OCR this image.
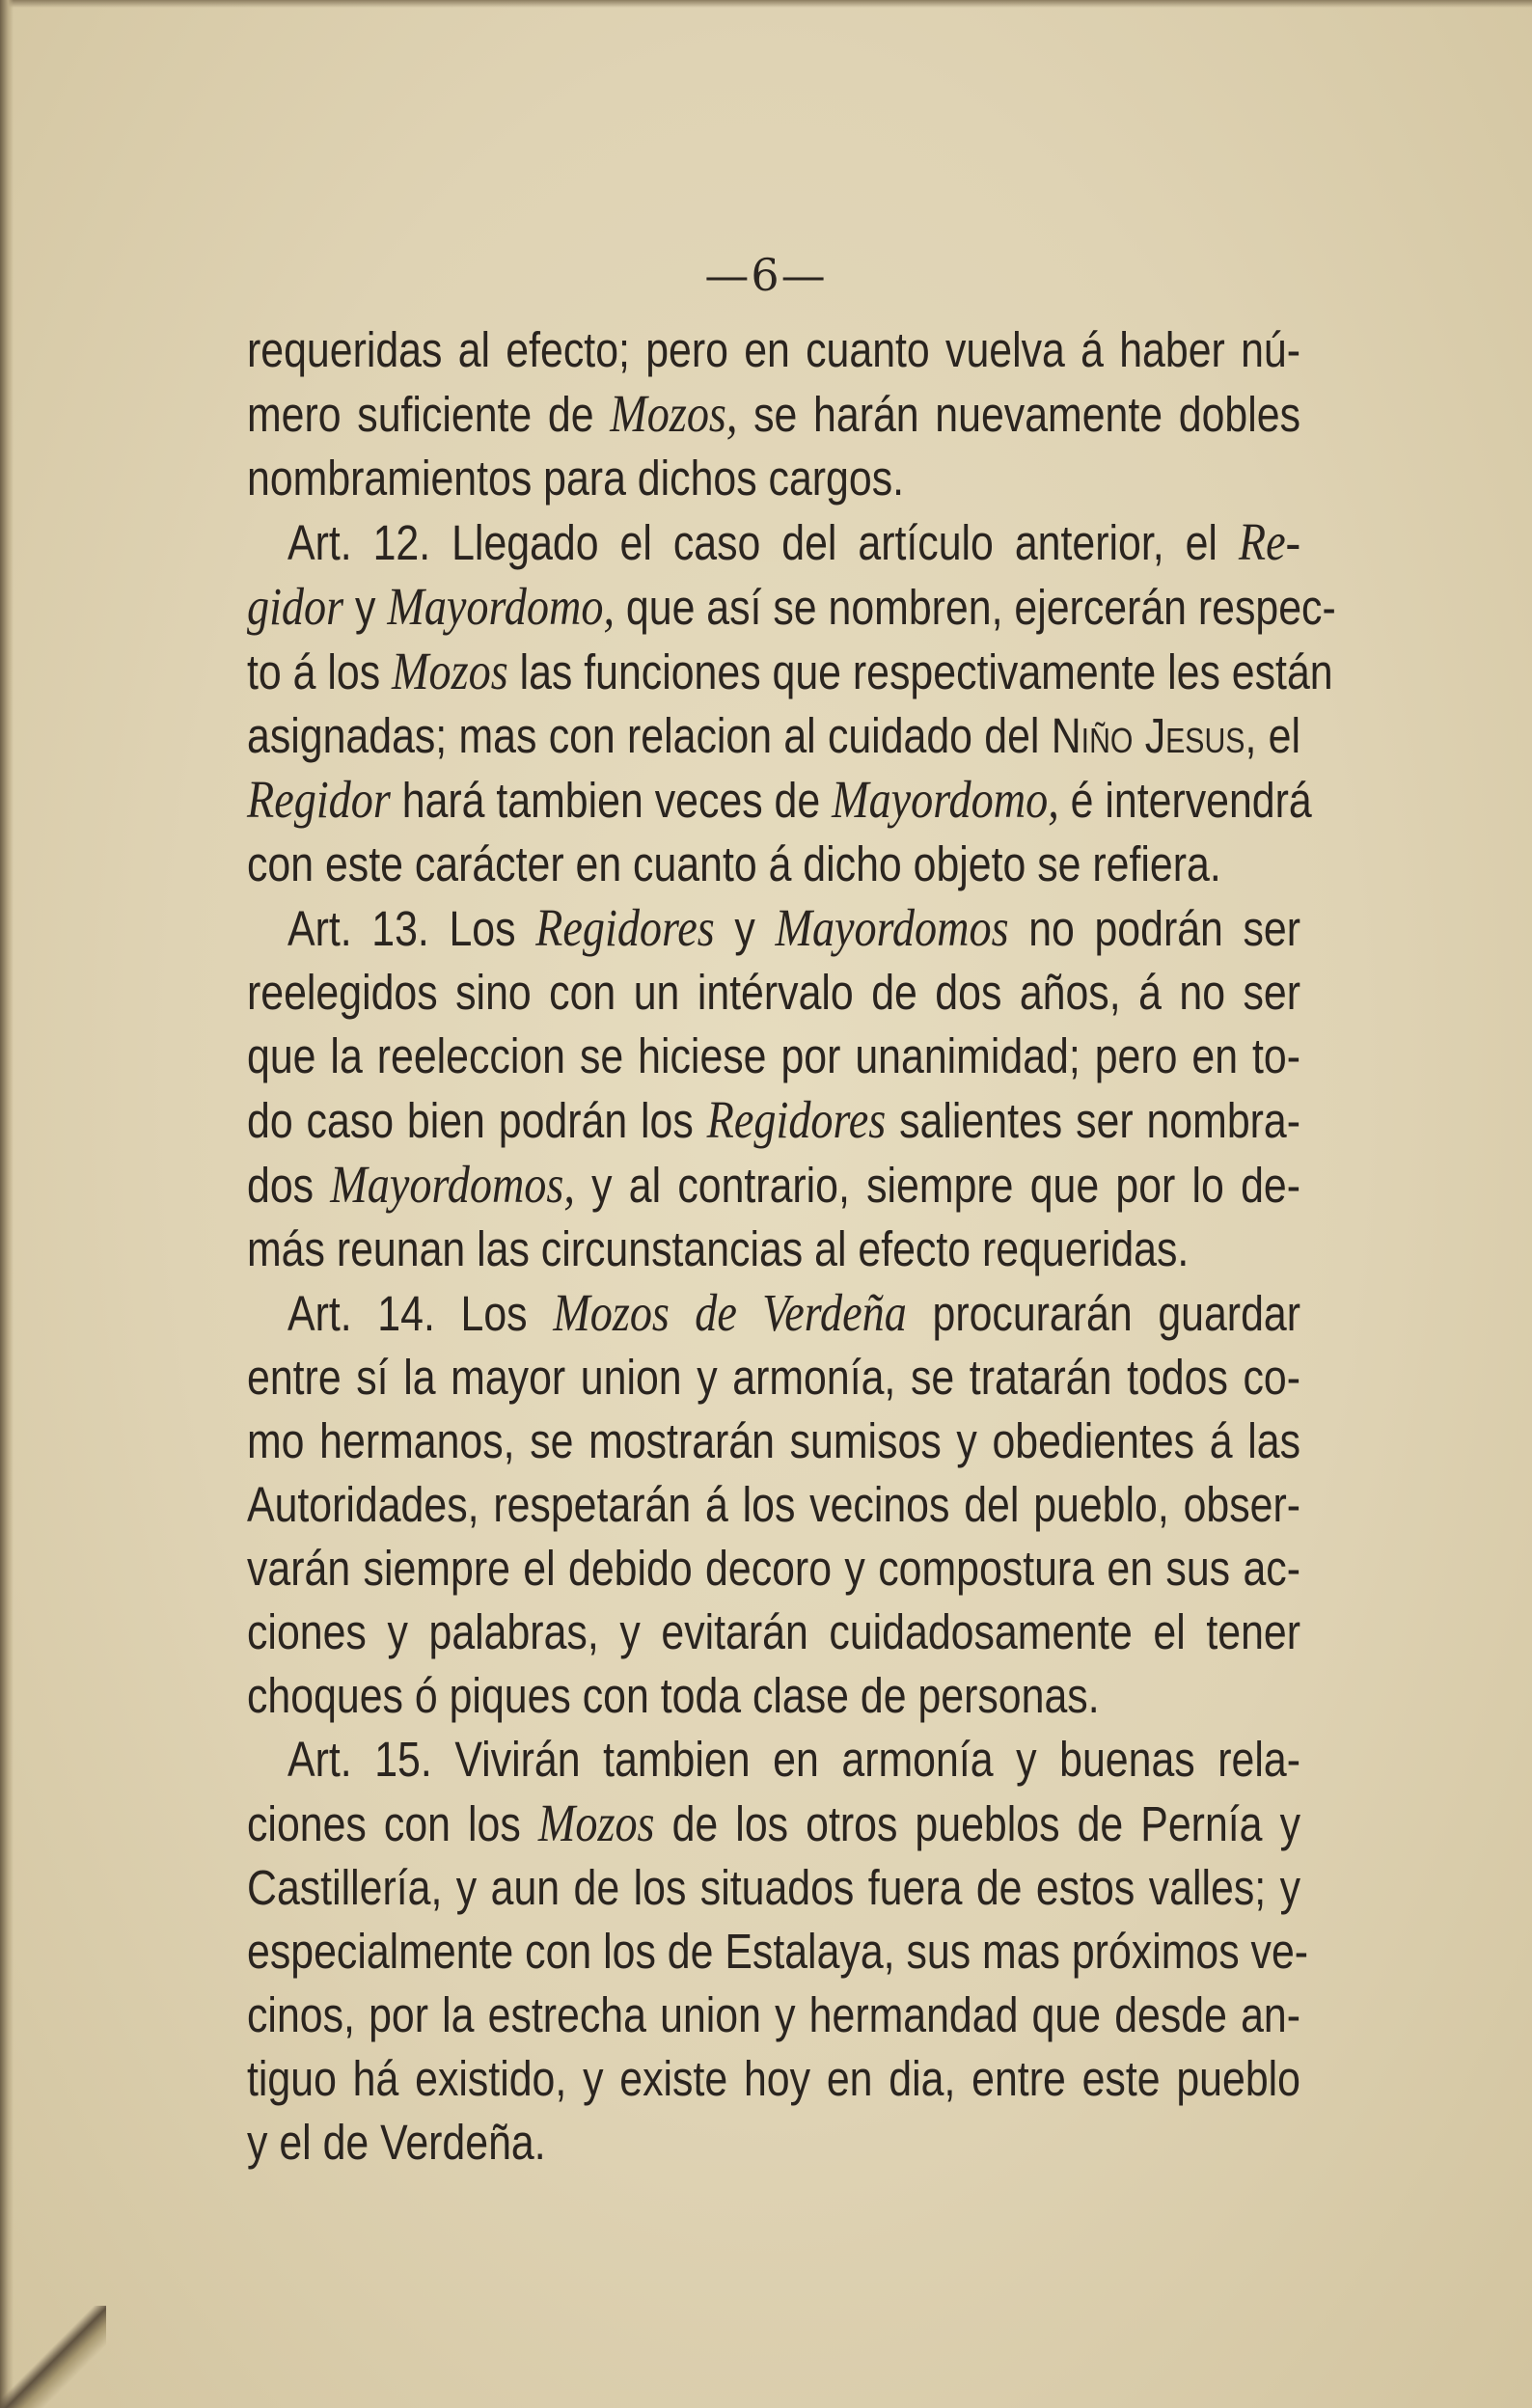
—6—
requeridas al efecto; pero en cuanto vuelva á haber nú-
mero suficiente de Mozos, se harán nuevamente dobles
nombramientos para dichos cargos.
Art. 12. Llegado el caso del artículo anterior, el Re-
gidor y Mayordomo, que así se nombren, ejercerán respec-
to á los Mozos las funciones que respectivamente les están
asignadas; mas con relacion al cuidado del Niño Jesus, el
Regidor hará tambien veces de Mayordomo, é intervendrá
con este carácter en cuanto á dicho objeto se refiera.
Art. 13. Los Regidores y Mayordomos no podrán ser
reelegidos sino con un intérvalo de dos años, á no ser
que la reeleccion se hiciese por unanimidad; pero en to-
do caso bien podrán los Regidores salientes ser nombra-
dos Mayordomos, y al contrario, siempre que por lo de-
más reunan las circunstancias al efecto requeridas.
Art. 14. Los Mozos de Verdeña procurarán guardar
entre sí la mayor union y armonía, se tratarán todos co-
mo hermanos, se mostrarán sumisos y obedientes á las
Autoridades, respetarán á los vecinos del pueblo, obser-
varán siempre el debido decoro y compostura en sus ac-
ciones y palabras, y evitarán cuidadosamente el tener
choques ó piques con toda clase de personas.
Art. 15. Vivirán tambien en armonía y buenas rela-
ciones con los Mozos de los otros pueblos de Pernía y
Castillería, y aun de los situados fuera de estos valles; y
especialmente con los de Estalaya, sus mas próximos ve-
cinos, por la estrecha union y hermandad que desde an-
tiguo há existido, y existe hoy en dia, entre este pueblo
y el de Verdeña.
